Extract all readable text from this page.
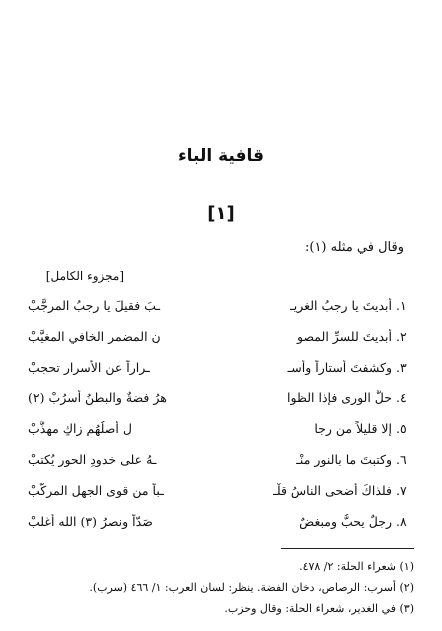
قافية الباء
[١]
وقال في مثله (١):
[مجزوء الكامل]
١.
أبديتَ يا رجبُ الغريـ
ـبَ فقيلَ يا رجبُ المرجَّبْ
٢.
أبديتَ للسرِّ المصو
نِ المضمرِ الخافي المغيَّبْ
٣.
وكشفتَ أستاراً وأسـ
ـراراً عنِ الأسرارِ تحجبْ
٤.
حلَّ الورى فإذا الظوا
هرُ فضةٌ والبطنُ أُسرُبْ (٢)
٥.
إلا قليلاً من رجا
لِ أصلُهُم زاكٍ مهذَّبْ
٦.
وكتبتَ ما بالنورِ منْـ
ـهُ على خدودِ الحورِ يُكتبْ
٧.
فلذاكَ أضحى الناسُ قلْـ
ـباً من قوى الجهلِ المركَّبْ
٨.
رجلٌ يحبُّ ومبغضٌ
صَدّاً ونصرُ (٣) الله أغلبْ
(١) شعراء الحلة: ٢/ ٤٧٨.
(٢) أسرب: الرصاص، دخان الفضة. ينظر: لسان العرب: ١/ ٤٦٦ (سرب).
(٣) في الغدير، شعراء الحلة: وقال وحزب.
